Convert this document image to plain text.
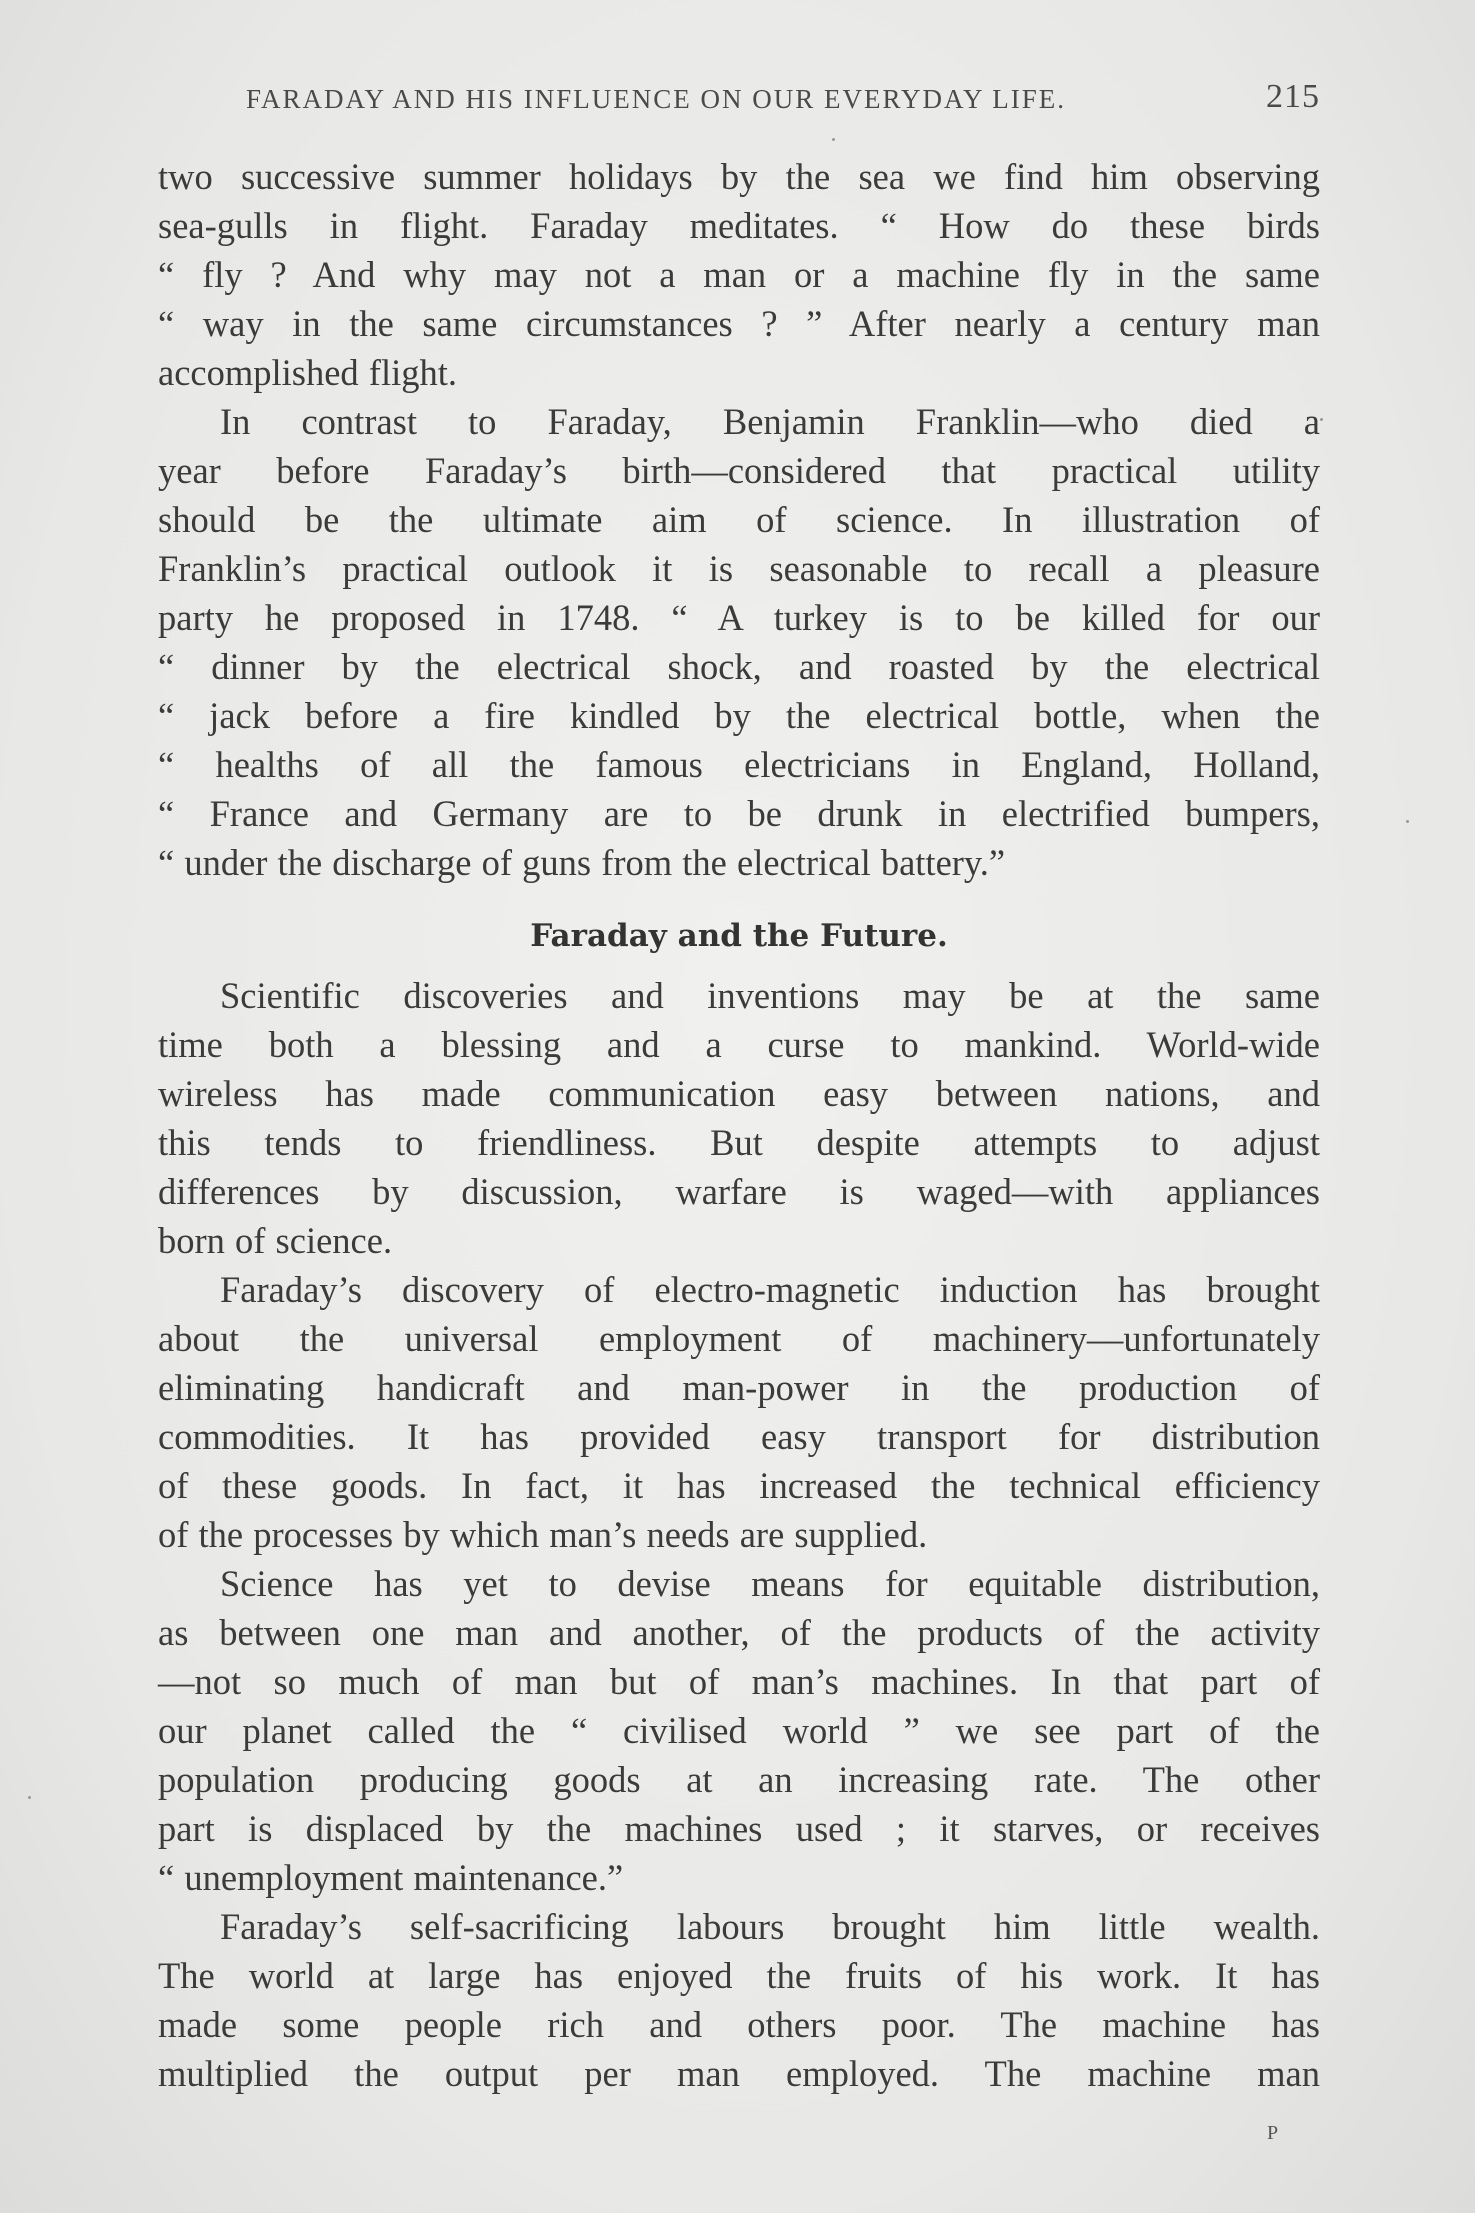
FARADAY AND HIS INFLUENCE ON OUR EVERYDAY LIFE.	215
two successive summer holidays by the sea we find him observing
sea-gulls in flight. Faraday meditates. “ How do these birds
“ fly ? And why may not a man or a machine fly in the same
“ way in the same circumstances ? ” After nearly a century man
accomplished flight.
In contrast to Faraday, Benjamin Franklin—who died a
year before Faraday’s birth—considered that practical utility
should be the ultimate aim of science. In illustration of
Franklin’s practical outlook it is seasonable to recall a pleasure
party he proposed in 1748. “ A turkey is to be killed for our
“ dinner by the electrical shock, and roasted by the electrical
“ jack before a fire kindled by the electrical bottle, when the
“ healths of all the famous electricians in England, Holland,
“ France and Germany are to be drunk in electrified bumpers,
“ under the discharge of guns from the electrical battery.”
Faraday and the Future.
Scientific discoveries and inventions may be at the same
time both a blessing and a curse to mankind. World-wide
wireless has made communication easy between nations, and
this tends to friendliness. But despite attempts to adjust
differences by discussion, warfare is waged—with appliances
born of science.
Faraday’s discovery of electro-magnetic induction has brought
about the universal employment of machinery—unfortunately
eliminating handicraft and man-power in the production of
commodities. It has provided easy transport for distribution
of these goods. In fact, it has increased the technical efficiency
of the processes by which man’s needs are supplied.
Science has yet to devise means for equitable distribution,
as between one man and another, of the products of the activity
—not so much of man but of man’s machines. In that part of
our planet called the “ civilised world ” we see part of the
population producing goods at an increasing rate. The other
part is displaced by the machines used ; it starves, or receives
“ unemployment maintenance.”
Faraday’s self-sacrificing labours brought him little wealth.
The world at large has enjoyed the fruits of his work. It has
made some people rich and others poor. The machine has
multiplied the output per man employed. The machine man
P
